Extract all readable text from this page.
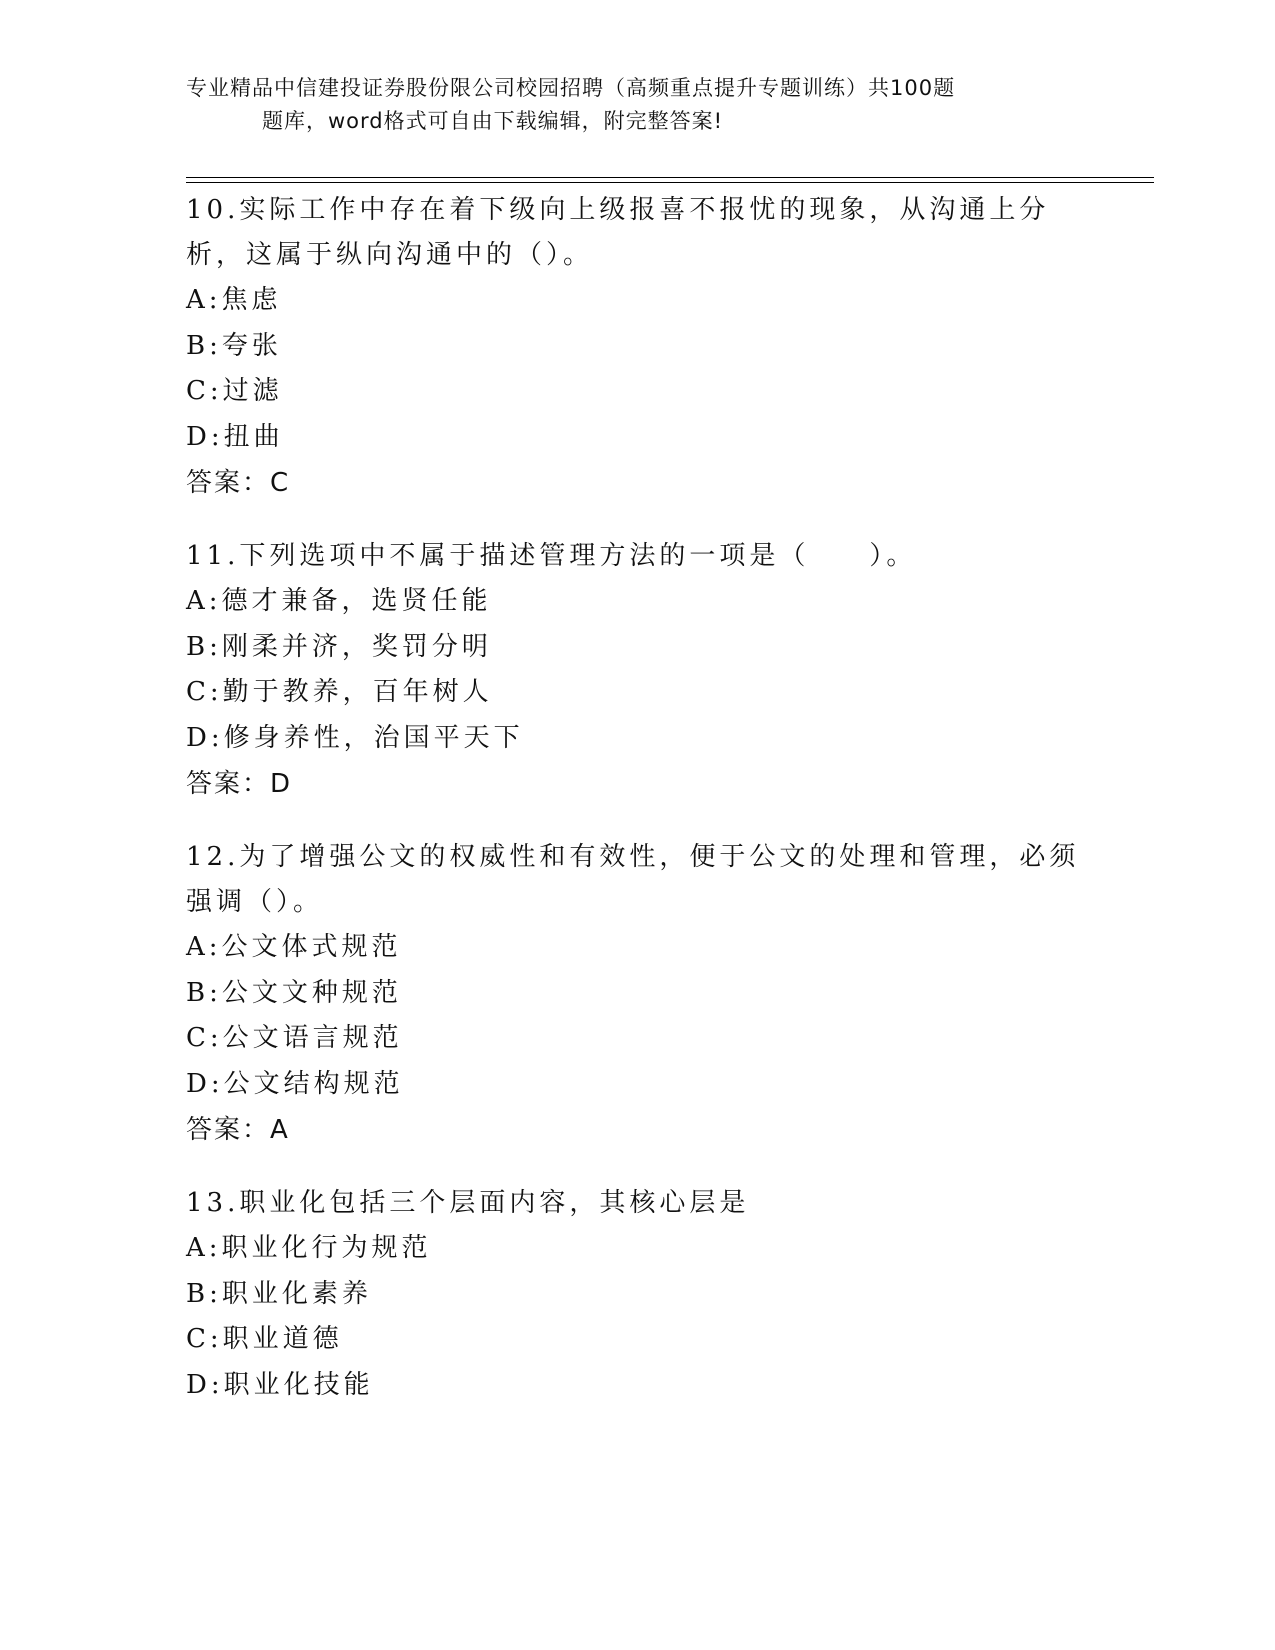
专业精品中信建投证券股份限公司校园招聘（高频重点提升专题训练）共100题
题库，word格式可自由下载编辑，附完整答案!

10.实际工作中存在着下级向上级报喜不报忧的现象，从沟通上分析，这属于纵向沟通中的（）。

A:焦虑

B:夸张

C:过滤

D:扭曲

答案：C

11.下列选项中不属于描述管理方法的一项是（　　）。

A:德才兼备，选贤任能

B:刚柔并济，奖罚分明

C:勤于教养，百年树人

D:修身养性，治国平天下

答案：D

12.为了增强公文的权威性和有效性，便于公文的处理和管理，必须强调（）。

A:公文体式规范

B:公文文种规范

C:公文语言规范

D:公文结构规范

答案：A

13.职业化包括三个层面内容，其核心层是

A:职业化行为规范

B:职业化素养

C:职业道德

D:职业化技能
